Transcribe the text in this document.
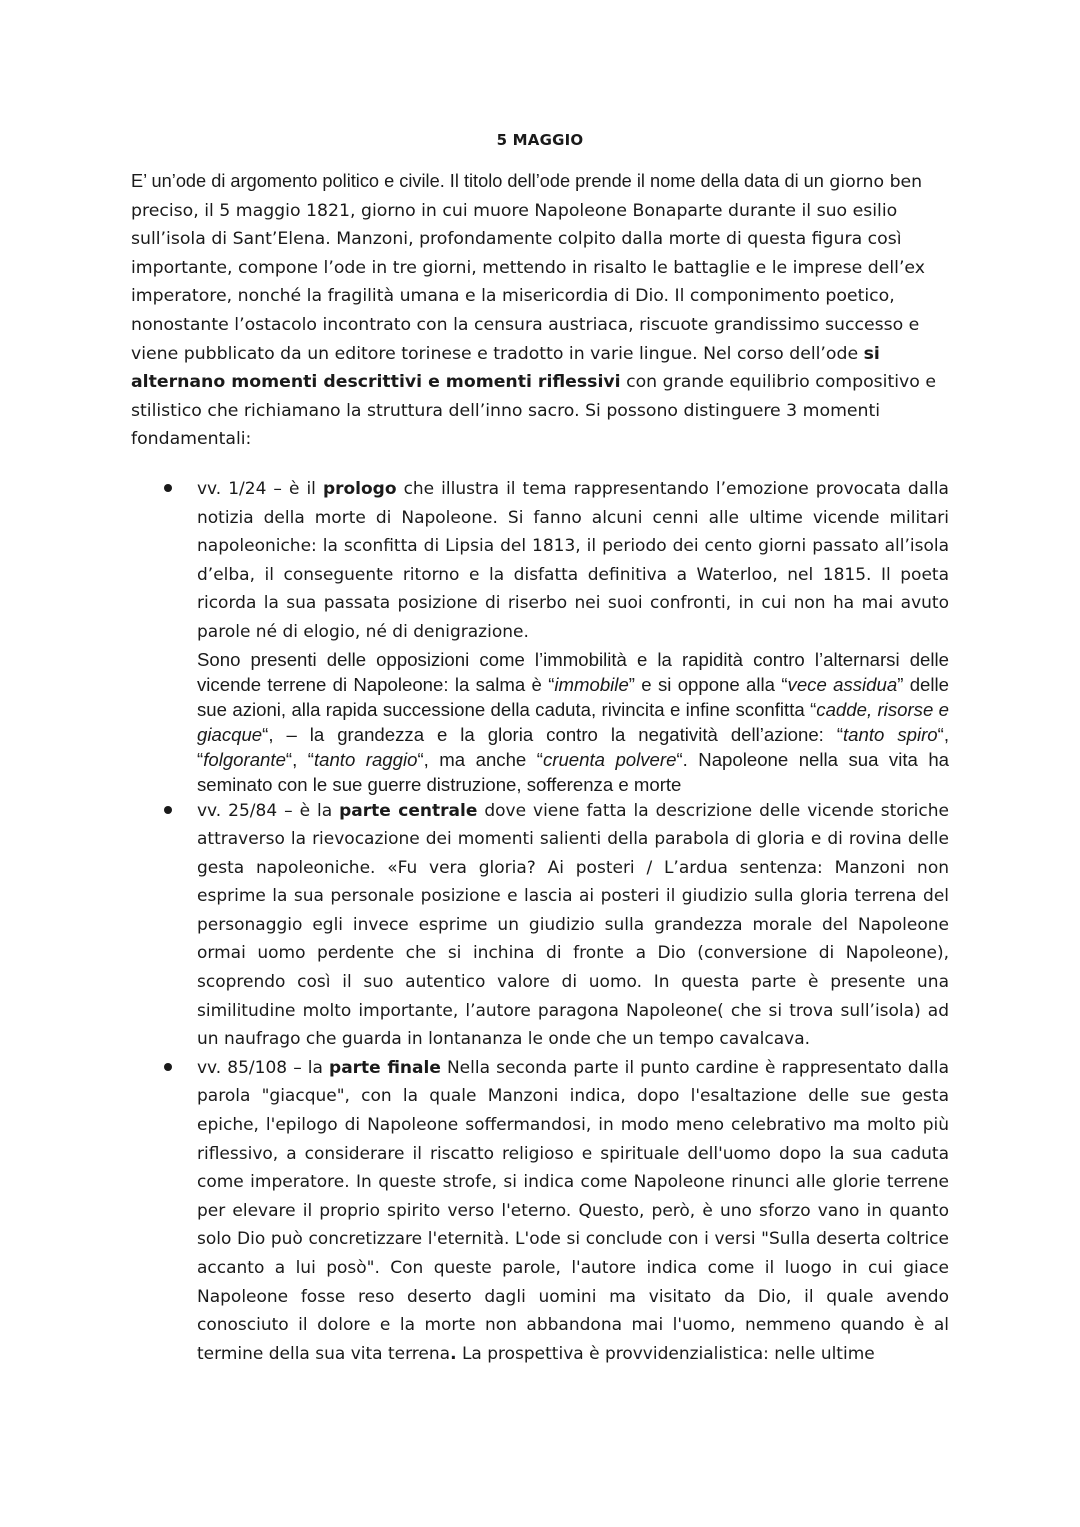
5 MAGGIO

E’ un’ode di argomento politico e civile. Il titolo dell’ode prende il nome della data di un giorno ben preciso, il 5 maggio 1821, giorno in cui muore Napoleone Bonaparte durante il suo esilio sull’isola di Sant’Elena. Manzoni, profondamente colpito dalla morte di questa figura così importante, compone l’ode in tre giorni, mettendo in risalto le battaglie e le imprese dell’ex imperatore, nonché la fragilità umana e la misericordia di Dio. Il componimento poetico, nonostante l’ostacolo incontrato con la censura austriaca, riscuote grandissimo successo e viene pubblicato da un editore torinese e tradotto in varie lingue. Nel corso dell’ode si alternano momenti descrittivi e momenti riflessivi con grande equilibrio compositivo e stilistico che richiamano la struttura dell’inno sacro. Si possono distinguere 3 momenti fondamentali:

vv. 1/24 – è il prologo che illustra il tema rappresentando l’emozione provocata dalla notizia della morte di Napoleone. Si fanno alcuni cenni alle ultime vicende militari napoleoniche: la sconfitta di Lipsia del 1813, il periodo dei cento giorni passato all’isola d’elba, il conseguente ritorno e la disfatta definitiva a Waterloo, nel 1815. Il poeta ricorda la sua passata posizione di riserbo nei suoi confronti, in cui non ha mai avuto parole né di elogio, né di denigrazione.
Sono presenti delle opposizioni come l’immobilità e la rapidità contro l’alternarsi delle vicende terrene di Napoleone: la salma è “immobile” e si oppone alla “vece assidua” delle sue azioni, alla rapida successione della caduta, rivincita e infine sconfitta “cadde, risorse e giacque“, – la grandezza e la gloria contro la negatività dell’azione: “tanto spiro“, “folgorante“, “tanto raggio“, ma anche “cruenta polvere“. Napoleone nella sua vita ha seminato con le sue guerre distruzione, sofferenza e morte
vv. 25/84 – è la parte centrale dove viene fatta la descrizione delle vicende storiche attraverso la rievocazione dei momenti salienti della parabola di gloria e di rovina delle gesta napoleoniche. «Fu vera gloria? Ai posteri / L’ardua sentenza: Manzoni non esprime la sua personale posizione e lascia ai posteri il giudizio sulla gloria terrena del personaggio egli invece esprime un giudizio sulla grandezza morale del Napoleone ormai uomo perdente che si inchina di fronte a Dio (conversione di Napoleone), scoprendo così il suo autentico valore di uomo. In questa parte è presente una similitudine molto importante, l’autore paragona Napoleone( che si trova sull’isola) ad un naufrago che guarda in lontananza le onde che un tempo cavalcava.
vv. 85/108 – la parte finale Nella seconda parte il punto cardine è rappresentato dalla parola "giacque", con la quale Manzoni indica, dopo l'esaltazione delle sue gesta epiche, l'epilogo di Napoleone soffermandosi, in modo meno celebrativo ma molto più riflessivo, a considerare il riscatto religioso e spirituale dell'uomo dopo la sua caduta come imperatore. In queste strofe, si indica come Napoleone rinunci alle glorie terrene per elevare il proprio spirito verso l'eterno. Questo, però, è uno sforzo vano in quanto solo Dio può concretizzare l'eternità. L'ode si conclude con i versi "Sulla deserta coltrice accanto a lui posò". Con queste parole, l'autore indica come il luogo in cui giace Napoleone fosse reso deserto dagli uomini ma visitato da Dio, il quale avendo conosciuto il dolore e la morte non abbandona mai l'uomo, nemmeno quando è al termine della sua vita terrena. La prospettiva è provvidenzialistica: nelle ultime
